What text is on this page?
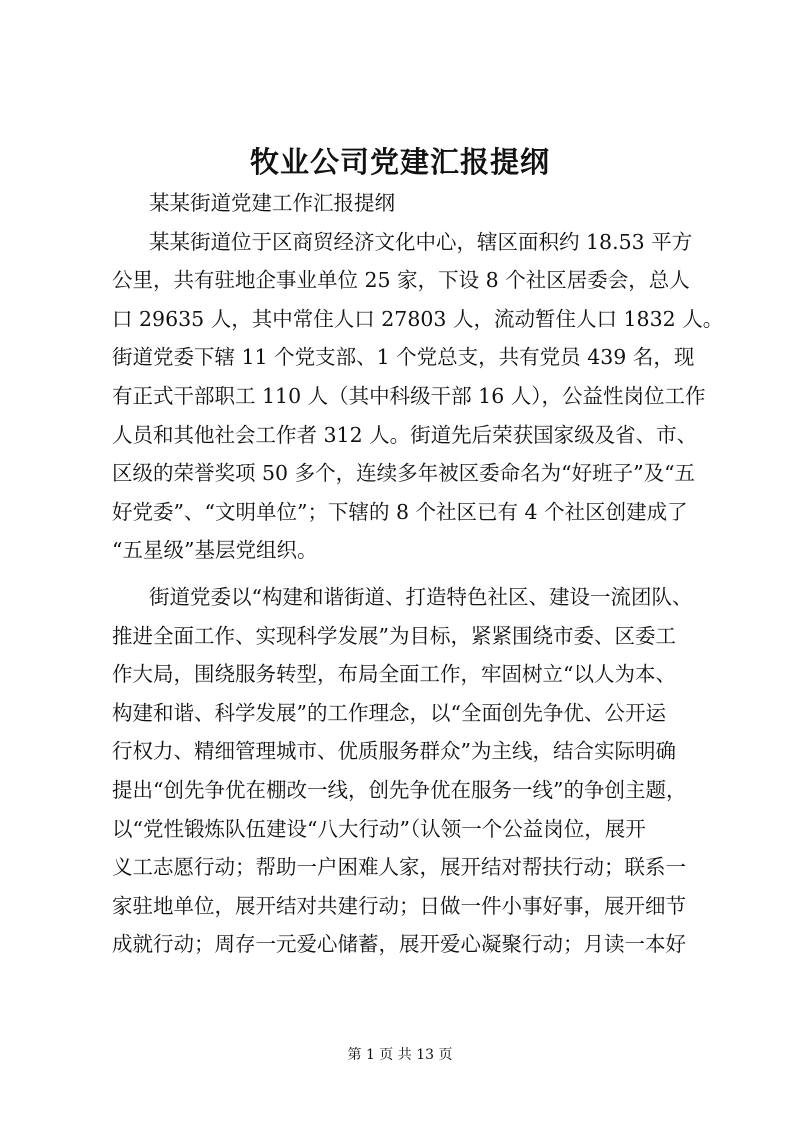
牧业公司党建汇报提纲
某某街道党建工作汇报提纲
某某街道位于区商贸经济文化中心，辖区面积约 18.53 平方
公里，共有驻地企事业单位 25 家，下设 8 个社区居委会，总人
口 29635 人，其中常住人口 27803 人，流动暂住人口 1832 人。
街道党委下辖 11 个党支部、1 个党总支，共有党员 439 名，现
有正式干部职工 110 人（其中科级干部 16 人），公益性岗位工作
人员和其他社会工作者 312 人。街道先后荣获国家级及省、市、
区级的荣誉奖项 50 多个，连续多年被区委命名为“好班子”及“五
好党委”、“文明单位”；下辖的 8 个社区已有 4 个社区创建成了
“五星级”基层党组织。
街道党委以“构建和谐街道、打造特色社区、建设一流团队、
推进全面工作、实现科学发展”为目标，紧紧围绕市委、区委工
作大局，围绕服务转型，布局全面工作，牢固树立“以人为本、
构建和谐、科学发展”的工作理念，以“全面创先争优、公开运
行权力、精细管理城市、优质服务群众”为主线，结合实际明确
提出“创先争优在棚改一线，创先争优在服务一线”的争创主题，
以“党性锻炼队伍建设“八大行动”（认领一个公益岗位，展开
义工志愿行动；帮助一户困难人家，展开结对帮扶行动；联系一
家驻地单位，展开结对共建行动；日做一件小事好事，展开细节
成就行动；周存一元爱心储蓄，展开爱心凝聚行动；月读一本好
第 1 页 共 13 页
